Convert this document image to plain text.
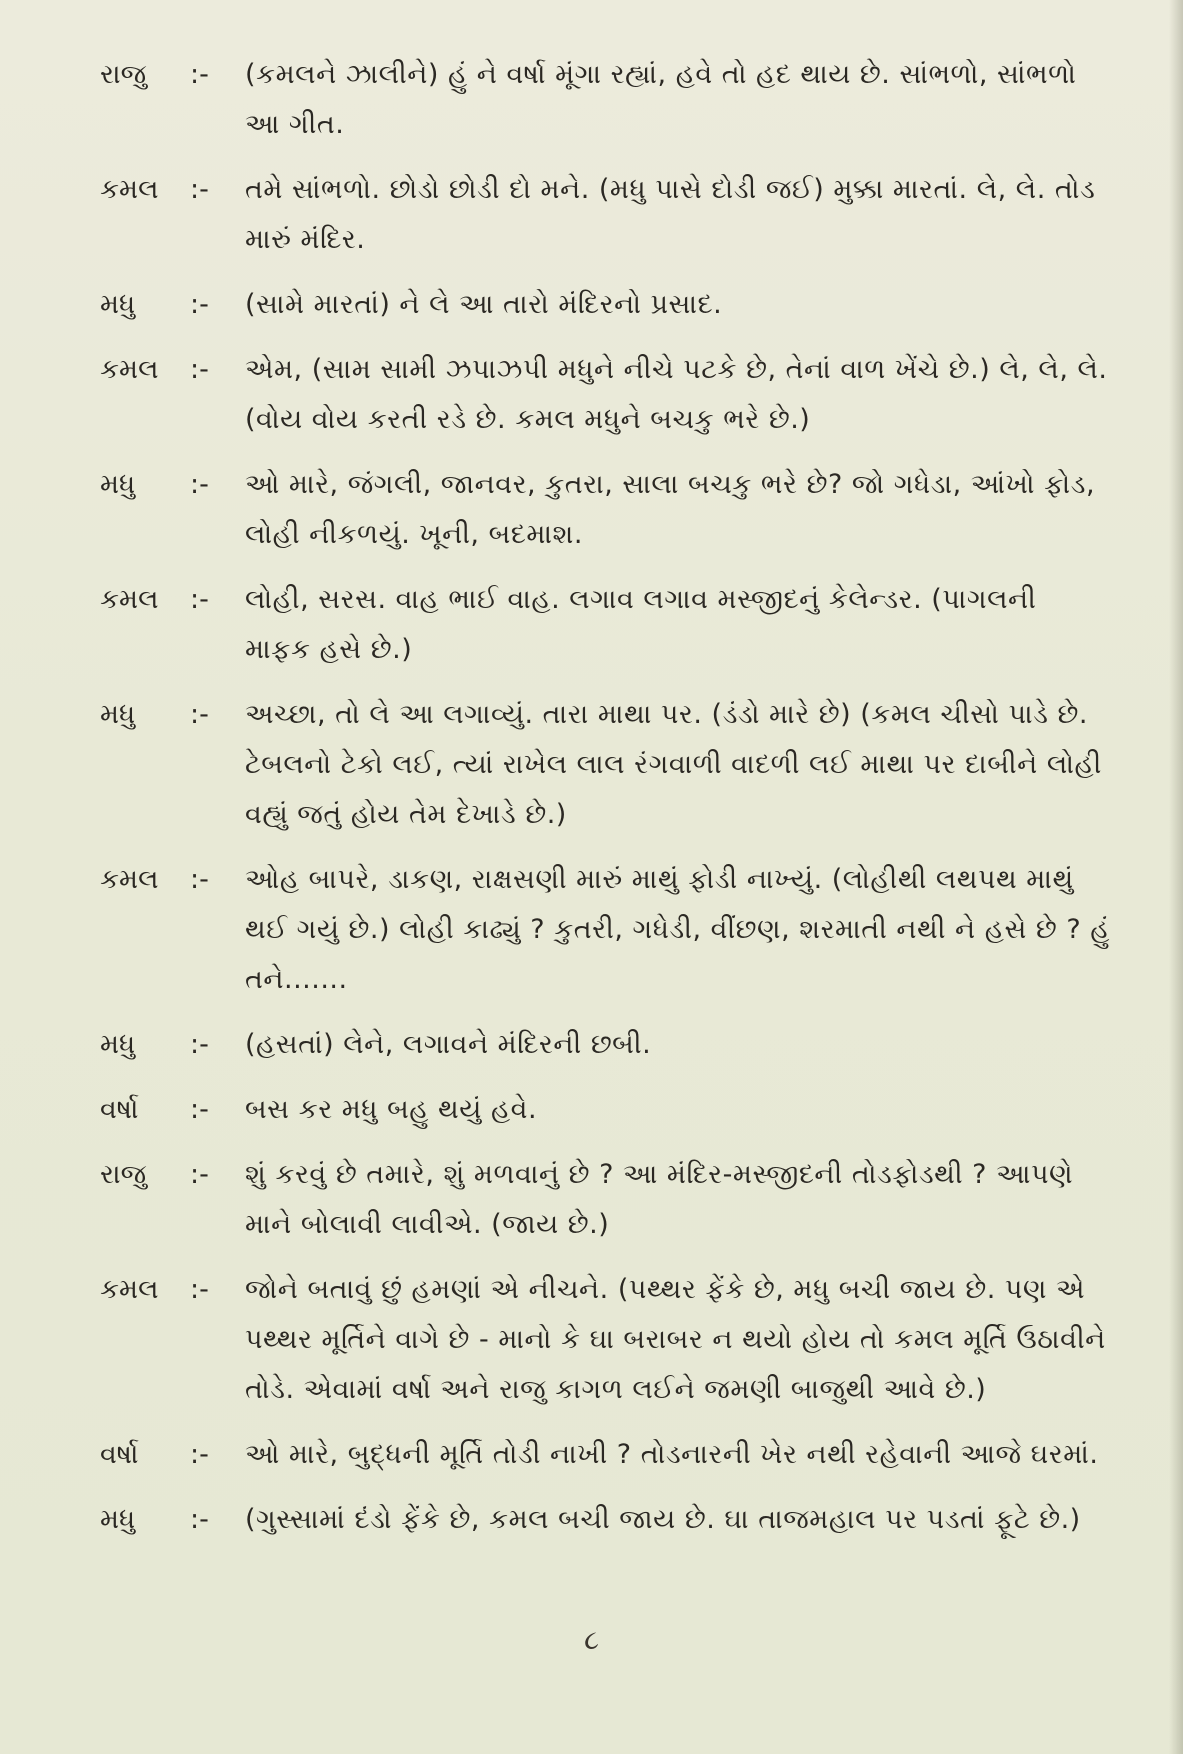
રાજુ	:-	(કમલને ઝાલીને) હું ને વર્ષા મૂંગા રહ્યાં, હવે તો હદ થાય છે. સાંભળો, સાંભળો આ ગીત.
કમલ	:-	તમે સાંભળો. છોડો છોડી દો મને. (મધુ પાસે દોડી જઈ) મુક્કા મારતાં. લે, લે. તોડ મારું મંદિર.
મધુ	:-	(સામે મારતાં) ને લે આ તારો મંદિરનો પ્રસાદ.
કમલ	:-	એમ, (સામ સામી ઝપાઝપી મધુને નીચે પટકે છે, તેનાં વાળ ખેંચે છે.) લે, લે, લે. (વોય વોય કરતી રડે છે. કમલ મધુને બચકુ ભરે છે.)
મધુ	:-	ઓ મારે, જંગલી, જાનવર, કુતરા, સાલા બચકુ ભરે છે? જો ગધેડા, આંખો ફોડ, લોહી નીકળયું. ખૂની, બદમાશ.
કમલ	:-	લોહી, સરસ. વાહ ભાઈ વાહ. લગાવ લગાવ મસ્જીદનું કેલેન્ડર. (પાગલની માફક હસે છે.)
મધુ	:-	અચ્છા, તો લે આ લગાવ્યું. તારા માથા પર. (ડંડો મારે છે) (કમલ ચીસો પાડે છે. ટેબલનો ટેકો લઈ, ત્યાં રાખેલ લાલ રંગવાળી વાદળી લઈ માથા પર દાબીને લોહી વહ્યું જતું હોય તેમ દેખાડે છે.)
કમલ	:-	ઓહ બાપરે, ડાકણ, રાક્ષસણી મારું માથું ફોડી નાખ્યું. (લોહીથી લથપથ માથું થઈ ગયું છે.) લોહી કાઢ્યું ? કુતરી, ગધેડી, વીંછણ, શરમાતી નથી ને હસે છે ? હું તને.......
મધુ	:-	(હસતાં) લેને, લગાવને મંદિરની છબી.
વર્ષા	:-	બસ કર મધુ બહુ થયું હવે.
રાજુ	:-	શું કરવું છે તમારે, શું મળવાનું છે ? આ મંદિર-મસ્જીદની તોડફોડથી ? આપણે માને બોલાવી લાવીએ. (જાય છે.)
કમલ	:-	જોને બતાવું છું હમણાં એ નીચને. (પથ્થર ફેંકે છે, મધુ બચી જાય છે. પણ એ પથ્થર મૂર્તિને વાગે છે - માનો કે ઘા બરાબર ન થયો હોય તો કમલ મૂર્તિ ઉઠાવીને તોડે. એવામાં વર્ષા અને રાજુ કાગળ લઈને જમણી બાજુથી આવે છે.)
વર્ષા	:-	ઓ મારે, બુદ્ધની મૂર્તિ તોડી નાખી ? તોડનારની ખેર નથી રહેવાની આજે ઘરમાં.
મધુ	:-	(ગુસ્સામાં દંડો ફેંકે છે, કમલ બચી જાય છે. ઘા તાજમહાલ પર પડતાં ફૂટે છે.)
૮
